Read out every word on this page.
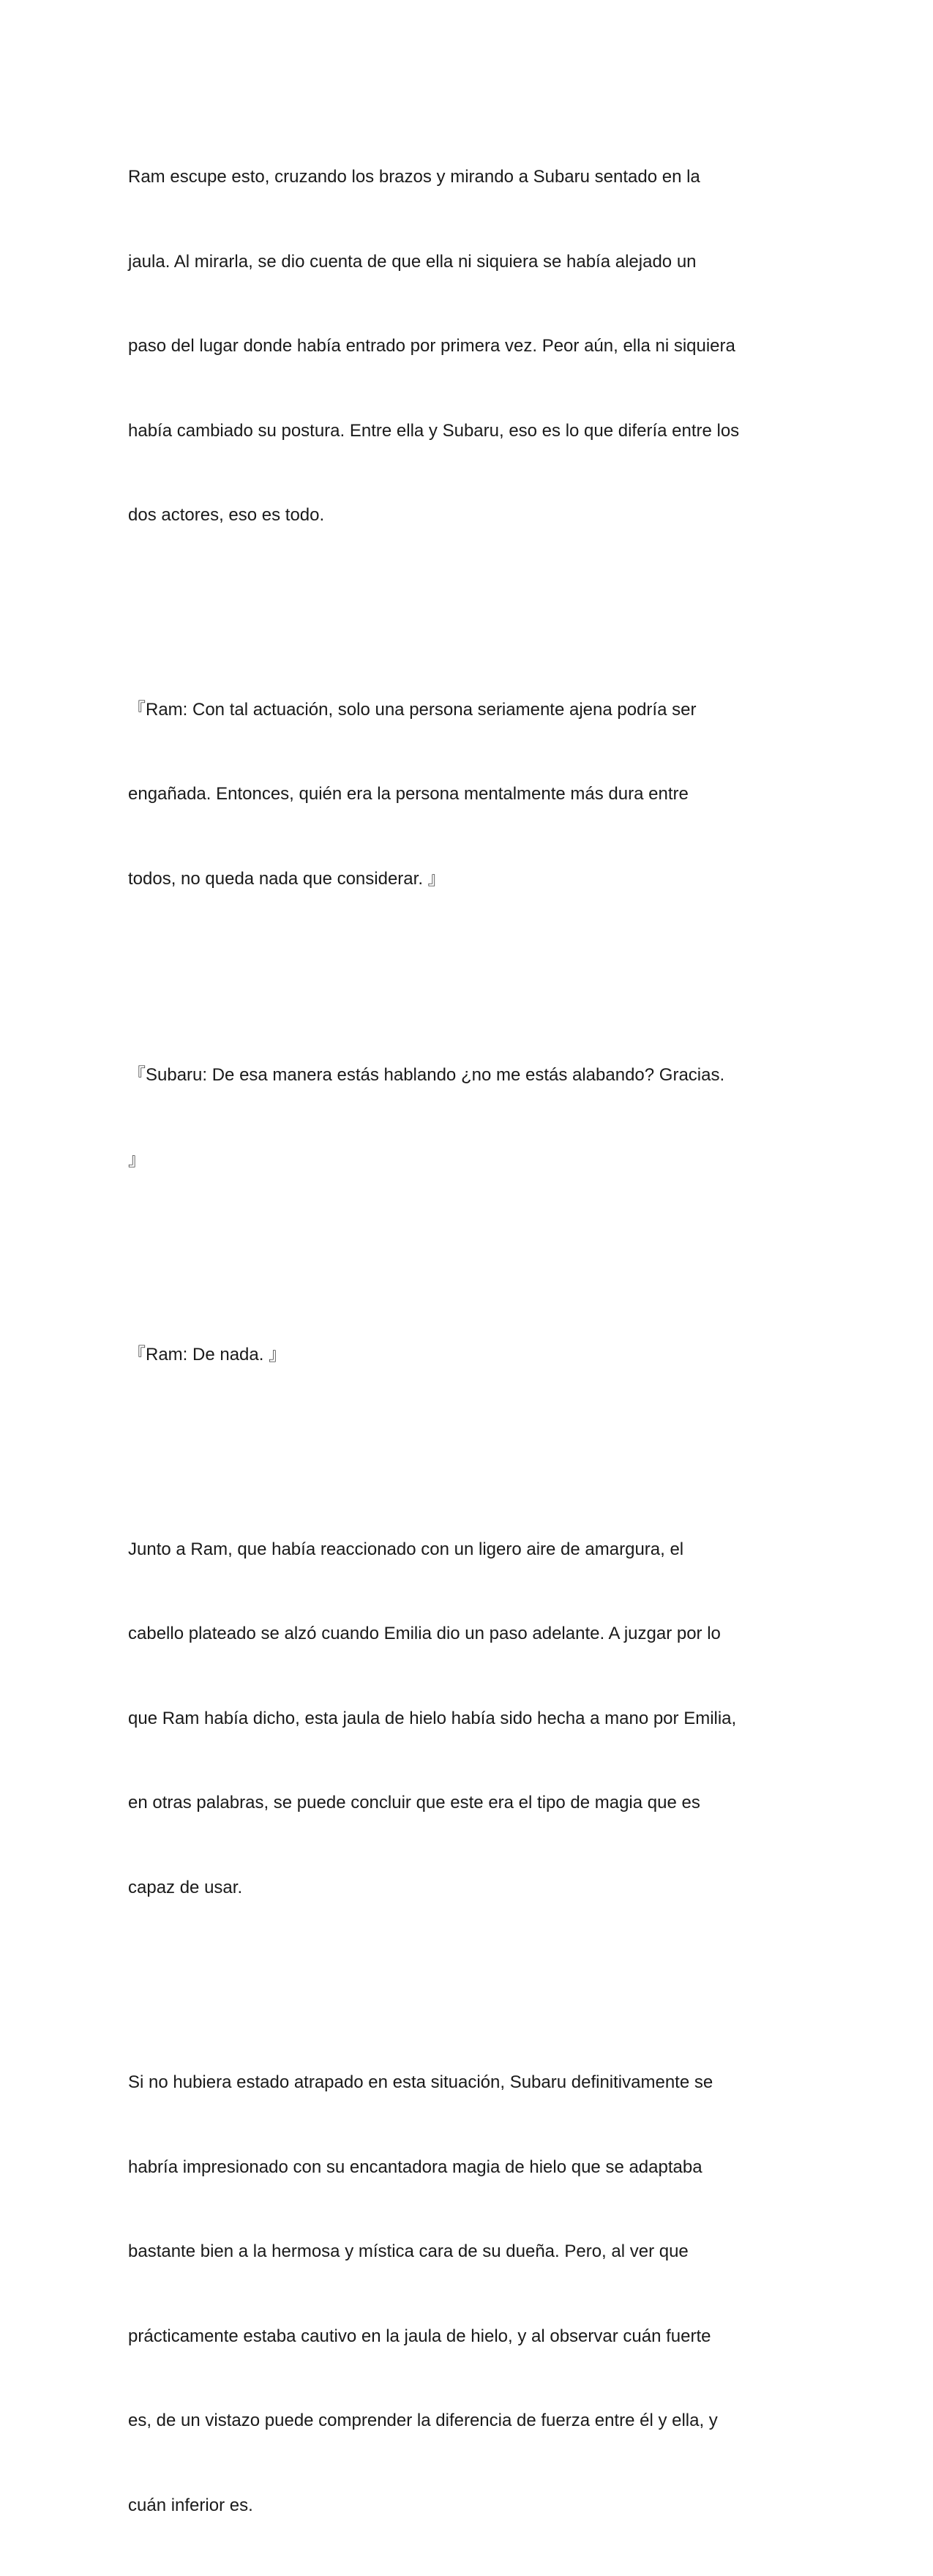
Ram escupe esto, cruzando los brazos y mirando a Subaru sentado en la

jaula. Al mirarla, se dio cuenta de que ella ni siquiera se había alejado un

paso del lugar donde había entrado por primera vez. Peor aún, ella ni siquiera

había cambiado su postura. Entre ella y Subaru, eso es lo que difería entre los

dos actores, eso es todo.

『Ram: Con tal actuación, solo una persona seriamente ajena podría ser

engañada. Entonces, quién era la persona mentalmente más dura entre

todos, no queda nada que considerar. 』

『Subaru: De esa manera estás hablando ¿no me estás alabando? Gracias.

』

『Ram: De nada. 』

Junto a Ram, que había reaccionado con un ligero aire de amargura, el

cabello plateado se alzó cuando Emilia dio un paso adelante. A juzgar por lo

que Ram había dicho, esta jaula de hielo había sido hecha a mano por Emilia,

en otras palabras, se puede concluir que este era el tipo de magia que es

capaz de usar.

Si no hubiera estado atrapado en esta situación, Subaru definitivamente se

habría impresionado con su encantadora magia de hielo que se adaptaba

bastante bien a la hermosa y mística cara de su dueña. Pero, al ver que

prácticamente estaba cautivo en la jaula de hielo, y al observar cuán fuerte

es, de un vistazo puede comprender la diferencia de fuerza entre él y ella, y

cuán inferior es.
